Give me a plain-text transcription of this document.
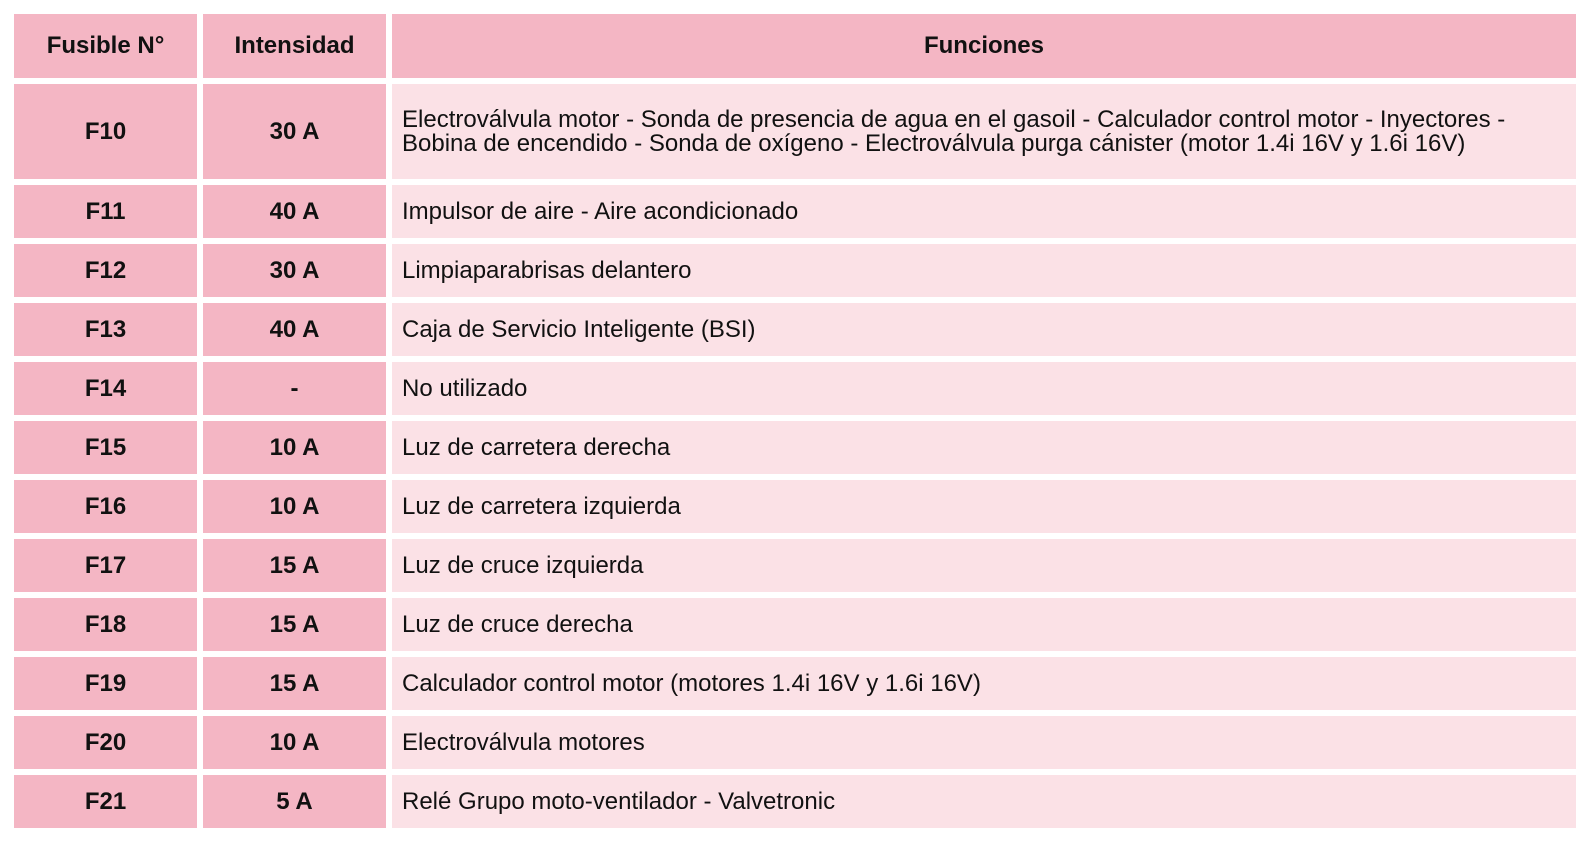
Fusible N°	Intensidad	Funciones
F10	30 A	Electroválvula motor - Sonda de presencia de agua en el gasoil - Calculador control motor - Inyectores - Bobina de encendido - Sonda de oxígeno - Electroválvula purga cánister (motor 1.4i 16V y 1.6i 16V)
F11	40 A	Impulsor de aire - Aire acondicionado
F12	30 A	Limpiaparabrisas delantero
F13	40 A	Caja de Servicio Inteligente (BSI)
F14	-	No utilizado
F15	10 A	Luz de carretera derecha
F16	10 A	Luz de carretera izquierda
F17	15 A	Luz de cruce izquierda
F18	15 A	Luz de cruce derecha
F19	15 A	Calculador control motor (motores 1.4i 16V y 1.6i 16V)
F20	10 A	Electroválvula motores
F21	5 A	Relé Grupo moto-ventilador - Valvetronic
